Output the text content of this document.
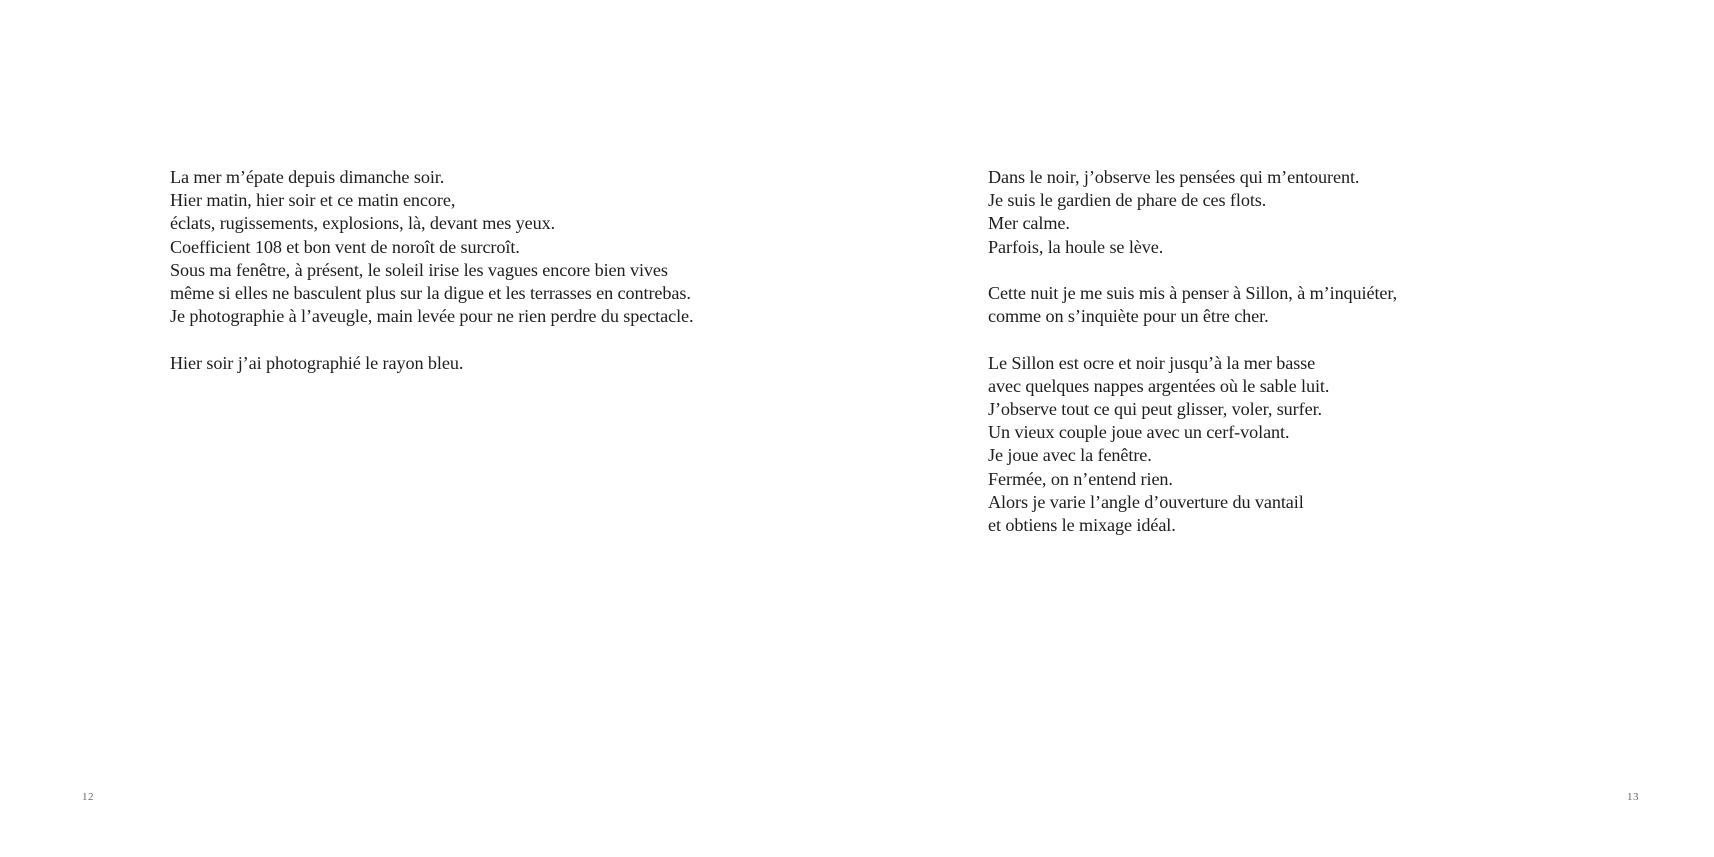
La mer m’épate depuis dimanche soir.
Hier matin, hier soir et ce matin encore,
éclats, rugissements, explosions, là, devant mes yeux.
Coefficient 108 et bon vent de noroît de surcroît.
Sous ma fenêtre, à présent, le soleil irise les vagues encore bien vives
même si elles ne basculent plus sur la digue et les terrasses en contrebas.
Je photographie à l’aveugle, main levée pour ne rien perdre du spectacle.
Hier soir j’ai photographié le rayon bleu.
12
Dans le noir, j’observe les pensées qui m’entourent.
Je suis le gardien de phare de ces flots.
Mer calme.
Parfois, la houle se lève.
Cette nuit je me suis mis à penser à Sillon, à m’inquiéter,
comme on s’inquiète pour un être cher.
Le Sillon est ocre et noir jusqu’à la mer basse
avec quelques nappes argentées où le sable luit.
J’observe tout ce qui peut glisser, voler, surfer.
Un vieux couple joue avec un cerf-volant.
Je joue avec la fenêtre.
Fermée, on n’entend rien.
Alors je varie l’angle d’ouverture du vantail
et obtiens le mixage idéal.
13
